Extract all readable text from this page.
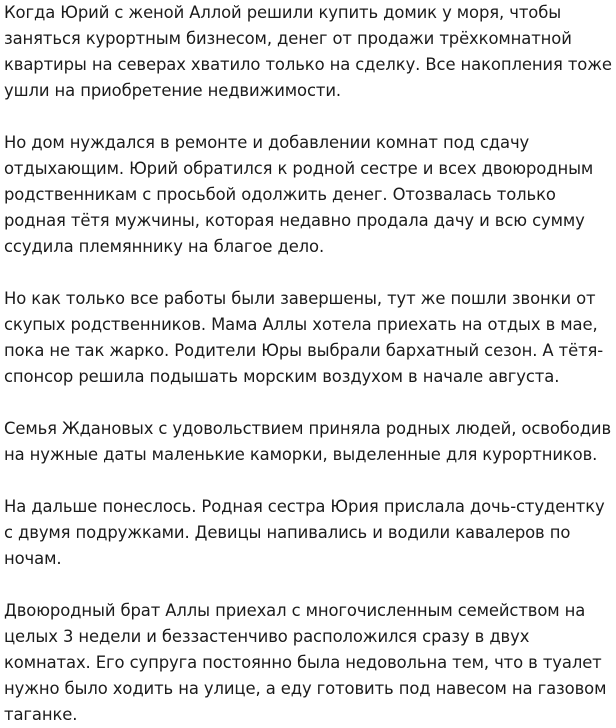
Когда Юрий с женой Аллой решили купить домик у моря, чтобы заняться курортным бизнесом, денег от продажи трёхкомнатной квартиры на северах хватило только на сделку. Все накопления тоже ушли на приобретение недвижимости.

Но дом нуждался в ремонте и добавлении комнат под сдачу отдыхающим. Юрий обратился к родной сестре и всех двоюродным родственникам с просьбой одолжить денег. Отозвалась только родная тётя мужчины, которая недавно продала дачу и всю сумму ссудила племяннику на благое дело.

Но как только все работы были завершены, тут же пошли звонки от скупых родственников. Мама Аллы хотела приехать на отдых в мае, пока не так жарко. Родители Юры выбрали бархатный сезон. А тётя-спонсор решила подышать морским воздухом в начале августа.

Семья Ждановых с удовольствием приняла родных людей, освободив на нужные даты маленькие каморки, выделенные для курортников.

На дальше понеслось. Родная сестра Юрия прислала дочь-студентку с двумя подружками. Девицы напивались и водили кавалеров по ночам.

Двоюродный брат Аллы приехал с многочисленным семейством на целых 3 недели и беззастенчиво расположился сразу в двух комнатах. Его супруга постоянно была недовольна тем, что в туалет нужно было ходить на улице, а еду готовить под навесом на газовом таганке.
